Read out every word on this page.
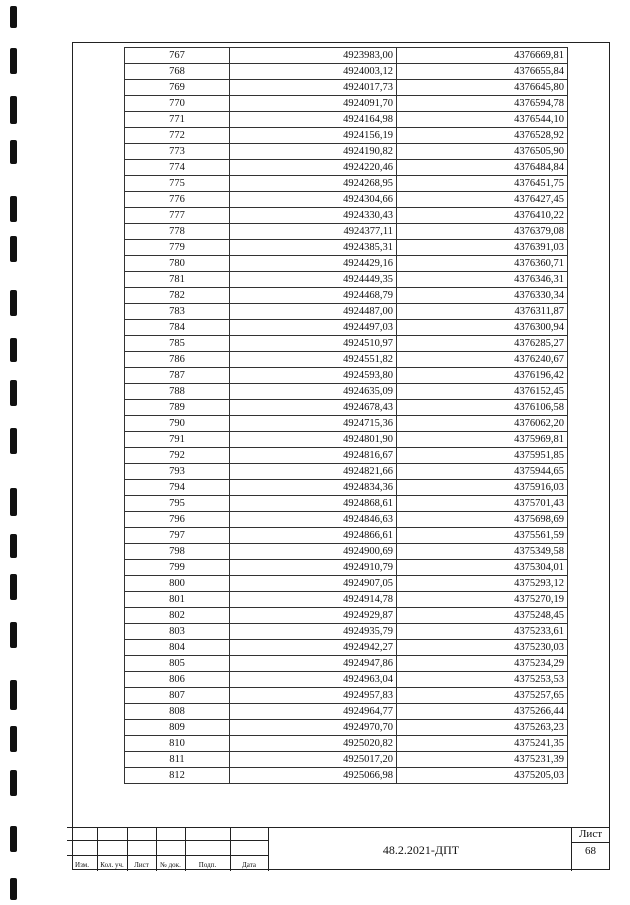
767	4923983,00	4376669,81
768	4924003,12	4376655,84
769	4924017,73	4376645,80
770	4924091,70	4376594,78
771	4924164,98	4376544,10
772	4924156,19	4376528,92
773	4924190,82	4376505,90
774	4924220,46	4376484,84
775	4924268,95	4376451,75
776	4924304,66	4376427,45
777	4924330,43	4376410,22
778	4924377,11	4376379,08
779	4924385,31	4376391,03
780	4924429,16	4376360,71
781	4924449,35	4376346,31
782	4924468,79	4376330,34
783	4924487,00	4376311,87
784	4924497,03	4376300,94
785	4924510,97	4376285,27
786	4924551,82	4376240,67
787	4924593,80	4376196,42
788	4924635,09	4376152,45
789	4924678,43	4376106,58
790	4924715,36	4376062,20
791	4924801,90	4375969,81
792	4924816,67	4375951,85
793	4924821,66	4375944,65
794	4924834,36	4375916,03
795	4924868,61	4375701,43
796	4924846,63	4375698,69
797	4924866,61	4375561,59
798	4924900,69	4375349,58
799	4924910,79	4375304,01
800	4924907,05	4375293,12
801	4924914,78	4375270,19
802	4924929,87	4375248,45
803	4924935,79	4375233,61
804	4924942,27	4375230,03
805	4924947,86	4375234,29
806	4924963,04	4375253,53
807	4924957,83	4375257,65
808	4924964,77	4375266,44
809	4924970,70	4375263,23
810	4925020,82	4375241,35
811	4925017,20	4375231,39
812	4925066,98	4375205,03
Изм.	Кол. уч.	Лист	№ док.	Подп.	Дата
48.2.2021-ДПТ
Лист
68
